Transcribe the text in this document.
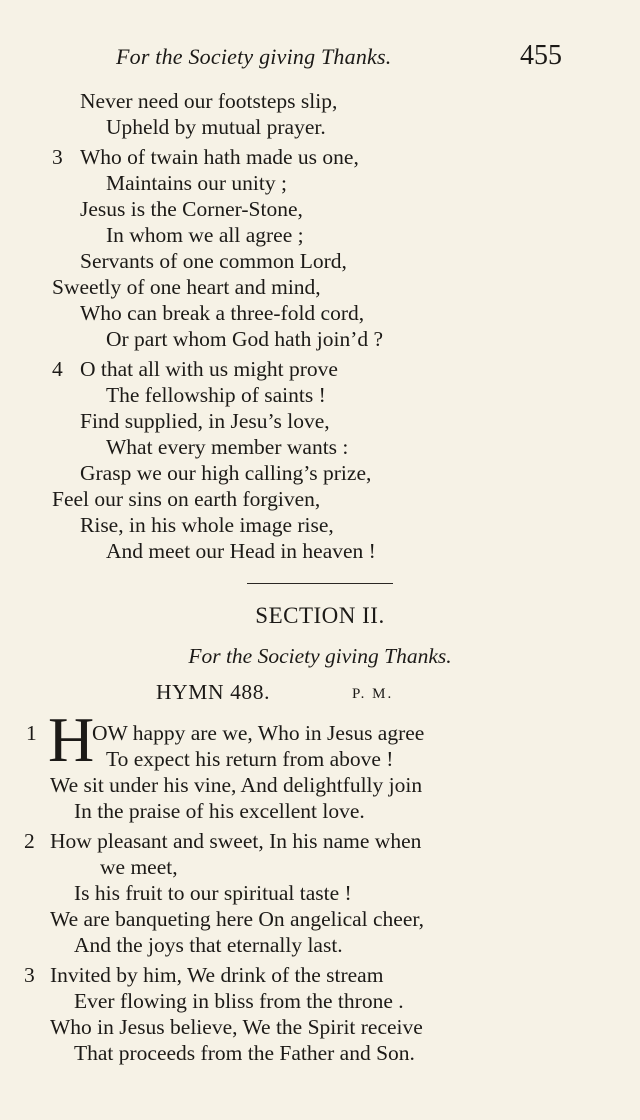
For the Society giving Thanks.	455
Never need our footsteps slip,
Upheld by mutual prayer.
3 Who of twain hath made us one,
Maintains our unity ;
Jesus is the Corner-Stone,
In whom we all agree ;
Servants of one common Lord,
Sweetly of one heart and mind,
Who can break a three-fold cord,
Or part whom God hath join’d ?
4 O that all with us might prove
The fellowship of saints !
Find supplied, in Jesu’s love,
What every member wants :
Grasp we our high calling’s prize,
Feel our sins on earth forgiven,
Rise, in his whole image rise,
And meet our Head in heaven !
SECTION II.
For the Society giving Thanks.
HYMN 488.	P. M.
1 H
OW happy are we, Who in Jesus agree
To expect his return from above !
We sit under his vine, And delightfully join
In the praise of his excellent love.
2 How pleasant and sweet, In his name when
we meet,
Is his fruit to our spiritual taste !
We are banqueting here On angelical cheer,
And the joys that eternally last.
3 Invited by him, We drink of the stream
Ever flowing in bliss from the throne .
Who in Jesus believe, We the Spirit receive
That proceeds from the Father and Son.
